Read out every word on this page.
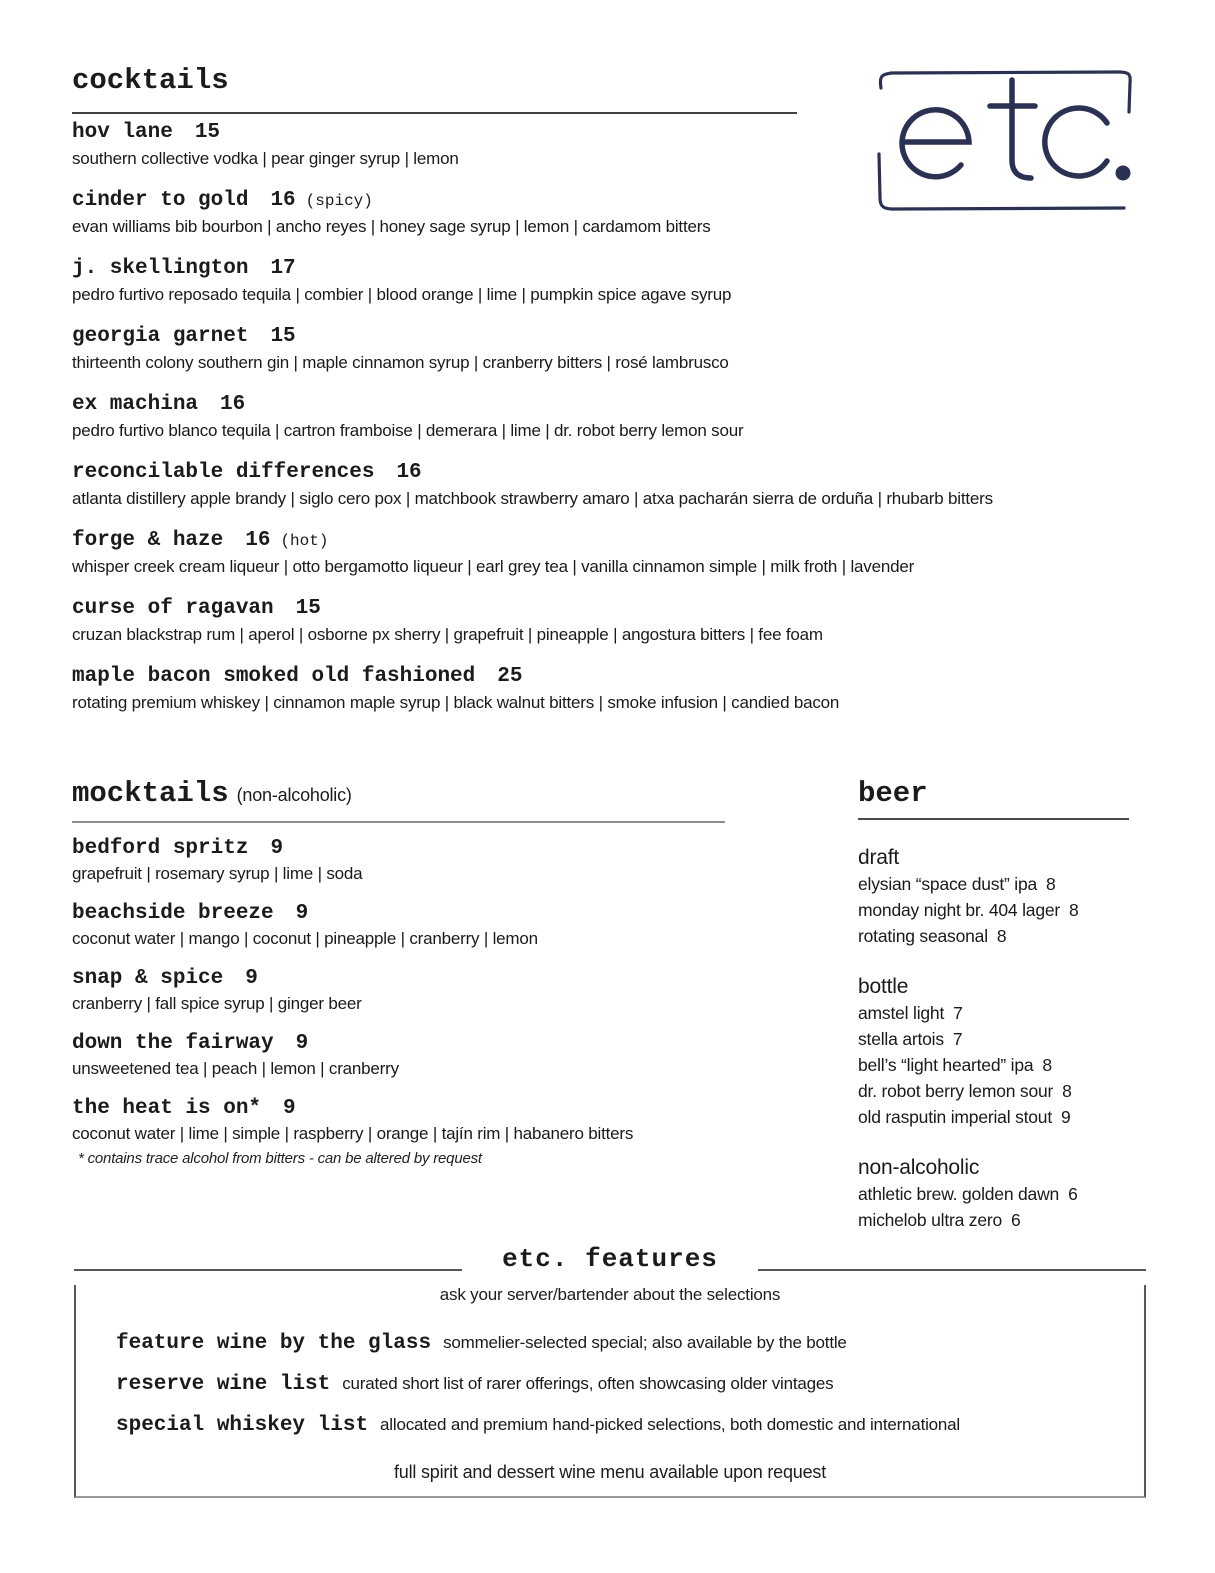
cocktails
hov lane 15
southern collective vodka | pear ginger syrup | lemon
cinder to gold 16 (spicy)
evan williams bib bourbon | ancho reyes | honey sage syrup | lemon | cardamom bitters
j. skellington 17
pedro furtivo reposado tequila | combier | blood orange | lime | pumpkin spice agave syrup
georgia garnet 15
thirteenth colony southern gin | maple cinnamon syrup | cranberry bitters | rosé lambrusco
ex machina 16
pedro furtivo blanco tequila | cartron framboise | demerara | lime | dr. robot berry lemon sour
reconcilable differences 16
atlanta distillery apple brandy | siglo cero pox | matchbook strawberry amaro | atxa pacharán sierra de orduña | rhubarb bitters
forge & haze 16 (hot)
whisper creek cream liqueur | otto bergamotto liqueur | earl grey tea | vanilla cinnamon simple | milk froth | lavender
curse of ragavan 15
cruzan blackstrap rum | aperol | osborne px sherry | grapefruit | pineapple | angostura bitters | fee foam
maple bacon smoked old fashioned 25
rotating premium whiskey | cinnamon maple syrup | black walnut bitters | smoke infusion | candied bacon
mocktails (non-alcoholic)
bedford spritz 9
grapefruit | rosemary syrup | lime | soda
beachside breeze 9
coconut water | mango | coconut | pineapple | cranberry | lemon
snap & spice 9
cranberry | fall spice syrup | ginger beer
down the fairway 9
unsweetened tea | peach | lemon | cranberry
the heat is on* 9
coconut water | lime | simple | raspberry | orange | tajín rim | habanero bitters
* contains trace alcohol from bitters - can be altered by request
beer
draft
elysian “space dust” ipa 8
monday night br. 404 lager 8
rotating seasonal 8
bottle
amstel light 7
stella artois 7
bell’s “light hearted” ipa 8
dr. robot berry lemon sour 8
old rasputin imperial stout 9
non-alcoholic
athletic brew. golden dawn 6
michelob ultra zero 6
etc. features
ask your server/bartender about the selections
feature wine by the glass sommelier-selected special; also available by the bottle
reserve wine list curated short list of rarer offerings, often showcasing older vintages
special whiskey list allocated and premium hand-picked selections, both domestic and international
full spirit and dessert wine menu available upon request
